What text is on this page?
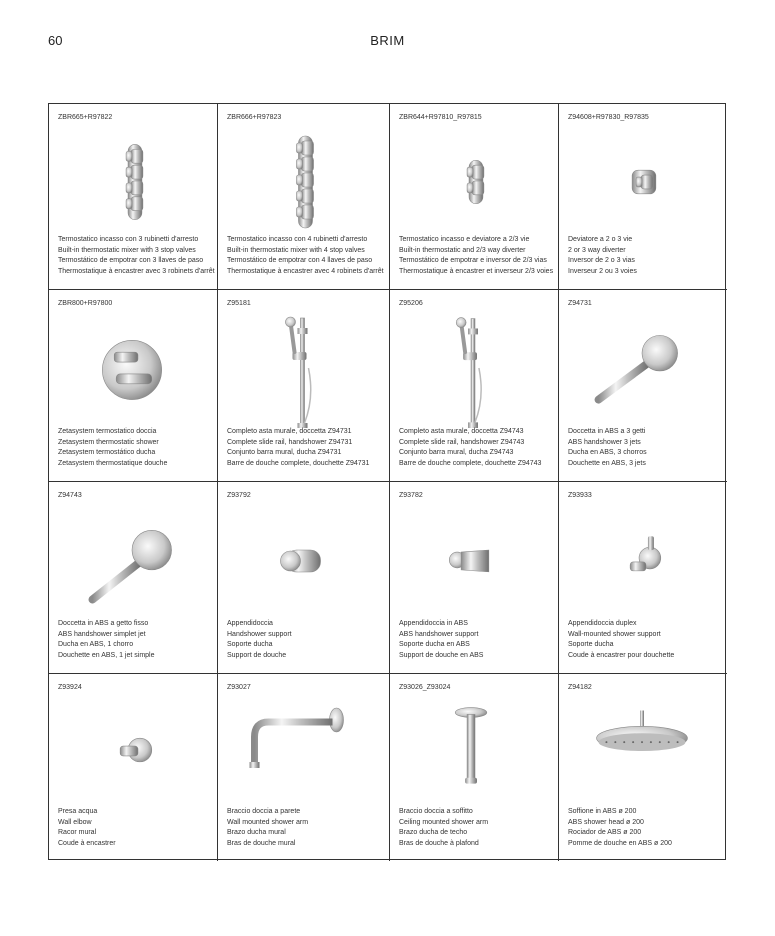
60	BRIM
ZBR665+R97822
Termostatico incasso con 3 rubinetti d'arresto
Built-in thermostatic mixer with 3 stop valves
Termostático de empotrar con 3 llaves de paso
Thermostatique à encastrer avec 3 robinets d'arrêt
ZBR666+R97823
Termostatico incasso con 4 rubinetti d'arresto
Built-in thermostatic mixer with 4 stop valves
Termostático de empotrar con 4 llaves de paso
Thermostatique à encastrer avec 4 robinets d'arrêt
ZBR644+R97810_R97815
Termostatico incasso e deviatore a 2/3 vie
Built-in thermostatic and 2/3 way diverter
Termostático de empotrar e inversor de 2/3 vias
Thermostatique à encastrer et inverseur 2/3 voies
Z94608+R97830_R97835
Deviatore a 2 o 3 vie
2 or 3 way diverter
Inversor de 2 o 3 vias
Inverseur 2 ou 3 voies
ZBR800+R97800
Zetasystem termostatico doccia
Zetasystem thermostatic shower
Zetasystem termostático ducha
Zetasystem thermostatique douche
Z95181
Completo asta murale, doccetta Z94731
Complete slide rail, handshower Z94731
Conjunto barra mural, ducha Z94731
Barre de douche complete, douchette Z94731
Z95206
Completo asta murale, doccetta Z94743
Complete slide rail, handshower Z94743
Conjunto barra mural, ducha Z94743
Barre de douche complete, douchette Z94743
Z94731
Doccetta in ABS a 3 getti
ABS handshower 3 jets
Ducha en ABS, 3 chorros
Douchette en ABS, 3 jets
Z94743
Doccetta in ABS a getto fisso
ABS handshower simplet jet
Ducha en ABS, 1 chorro
Douchette en ABS, 1 jet simple
Z93792
Appendidoccia
Handshower support
Soporte ducha
Support de douche
Z93782
Appendidoccia in ABS
ABS handshower support
Soporte ducha en ABS
Support de douche en ABS
Z93933
Appendidoccia duplex
Wall-mounted shower support
Soporte ducha
Coude à encastrer pour douchette
Z93924
Presa acqua
Wall elbow
Racor mural
Coude à encastrer
Z93027
Braccio doccia a parete
Wall mounted shower arm
Brazo ducha mural
Bras de douche mural
Z93026_Z93024
Braccio doccia a soffitto
Ceiling mounted shower arm
Brazo ducha de techo
Bras de douche à plafond
Z94182
Soffione in ABS ø 200
ABS shower head ø 200
Rociador de ABS ø 200
Pomme de douche en ABS ø 200
